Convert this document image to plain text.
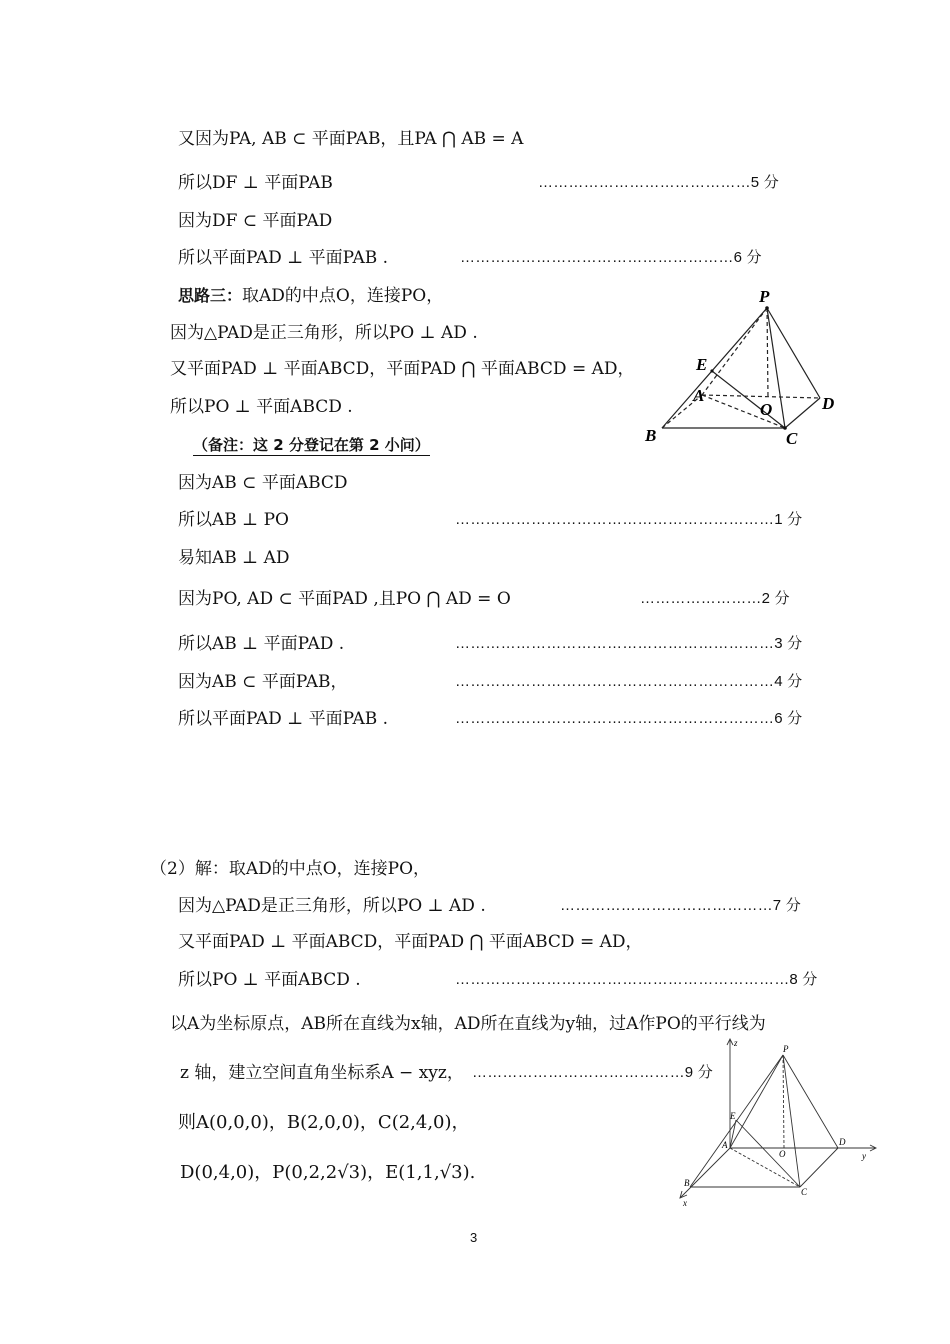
又因为PA, AB ⊂ 平面PAB，且PA ⋂ AB = A
所以DF ⊥ 平面PAB	……………………………………5 分
因为DF ⊂ 平面PAD
所以平面PAD ⊥ 平面PAB .	………………………………………………6 分
思路三：取AD的中点O，连接PO，
因为△PAD是正三角形，所以PO ⊥ AD .
又平面PAD ⊥ 平面ABCD，平面PAD ⋂ 平面ABCD = AD，
所以PO ⊥ 平面ABCD .
（备注：这 2 分登记在第 2 小问）
因为AB ⊂ 平面ABCD
所以AB ⊥ PO	………………………………………………………1 分
易知AB ⊥ AD
因为PO, AD ⊂ 平面PAD ,且PO ⋂ AD = O	……………………2 分
所以AB ⊥ 平面PAD .	………………………………………………………3 分
因为AB ⊂ 平面PAB，	………………………………………………………4 分
所以平面PAD ⊥ 平面PAB .	………………………………………………………6 分
P
E
A
O	D
B	C
（2）解：取AD的中点O，连接PO，
因为△PAD是正三角形，所以PO ⊥ AD .	……………………………………7 分
又平面PAD ⊥ 平面ABCD，平面PAD ⋂ 平面ABCD = AD，
所以PO ⊥ 平面ABCD .	…………………………………………………………8 分
以A为坐标原点，AB所在直线为x轴，AD所在直线为y轴，过A作PO的平行线为
z 轴，建立空间直角坐标系A − xyz， ……………………………………9 分
则A(0,0,0)，B(2,0,0)，C(2,4,0)，
D(0,4,0)，P(0,2,2√3)，E(1,1,√3).
z
P
E
A
O
D
y
B
x
C
3
